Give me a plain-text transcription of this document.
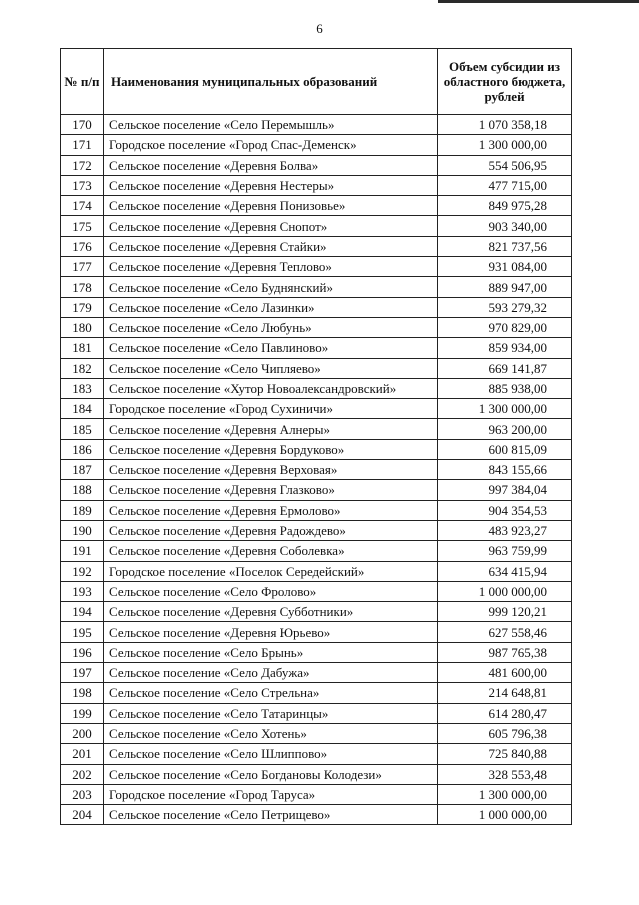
6
№ п/п	Наименования муниципальных образований	Объем субсидии из областного бюджета, рублей
170	Сельское поселение «Село Перемышль»	1 070 358,18
171	Городское поселение «Город Спас-Деменск»	1 300 000,00
172	Сельское поселение «Деревня Болва»	554 506,95
173	Сельское поселение «Деревня Нестеры»	477 715,00
174	Сельское поселение «Деревня Понизовье»	849 975,28
175	Сельское поселение «Деревня Снопот»	903 340,00
176	Сельское поселение «Деревня Стайки»	821 737,56
177	Сельское поселение «Деревня Теплово»	931 084,00
178	Сельское поселение «Село Буднянский»	889 947,00
179	Сельское поселение «Село Лазинки»	593 279,32
180	Сельское поселение «Село Любунь»	970 829,00
181	Сельское поселение «Село Павлиново»	859 934,00
182	Сельское поселение «Село Чипляево»	669 141,87
183	Сельское поселение «Хутор Новоалександровский»	885 938,00
184	Городское поселение «Город Сухиничи»	1 300 000,00
185	Сельское поселение «Деревня Алнеры»	963 200,00
186	Сельское поселение «Деревня Бордуково»	600 815,09
187	Сельское поселение «Деревня Верховая»	843 155,66
188	Сельское поселение «Деревня Глазково»	997 384,04
189	Сельское поселение «Деревня Ермолово»	904 354,53
190	Сельское поселение «Деревня Радождево»	483 923,27
191	Сельское поселение «Деревня Соболевка»	963 759,99
192	Городское поселение «Поселок Середейский»	634 415,94
193	Сельское поселение «Село Фролово»	1 000 000,00
194	Сельское поселение «Деревня Субботники»	999 120,21
195	Сельское поселение «Деревня Юрьево»	627 558,46
196	Сельское поселение «Село Брынь»	987 765,38
197	Сельское поселение «Село Дабужа»	481 600,00
198	Сельское поселение «Село Стрельна»	214 648,81
199	Сельское поселение «Село Татаринцы»	614 280,47
200	Сельское поселение «Село Хотень»	605 796,38
201	Сельское поселение «Село Шлиппово»	725 840,88
202	Сельское поселение «Село Богдановы Колодези»	328 553,48
203	Городское поселение «Город Таруса»	1 300 000,00
204	Сельское поселение «Село Петрищево»	1 000 000,00
